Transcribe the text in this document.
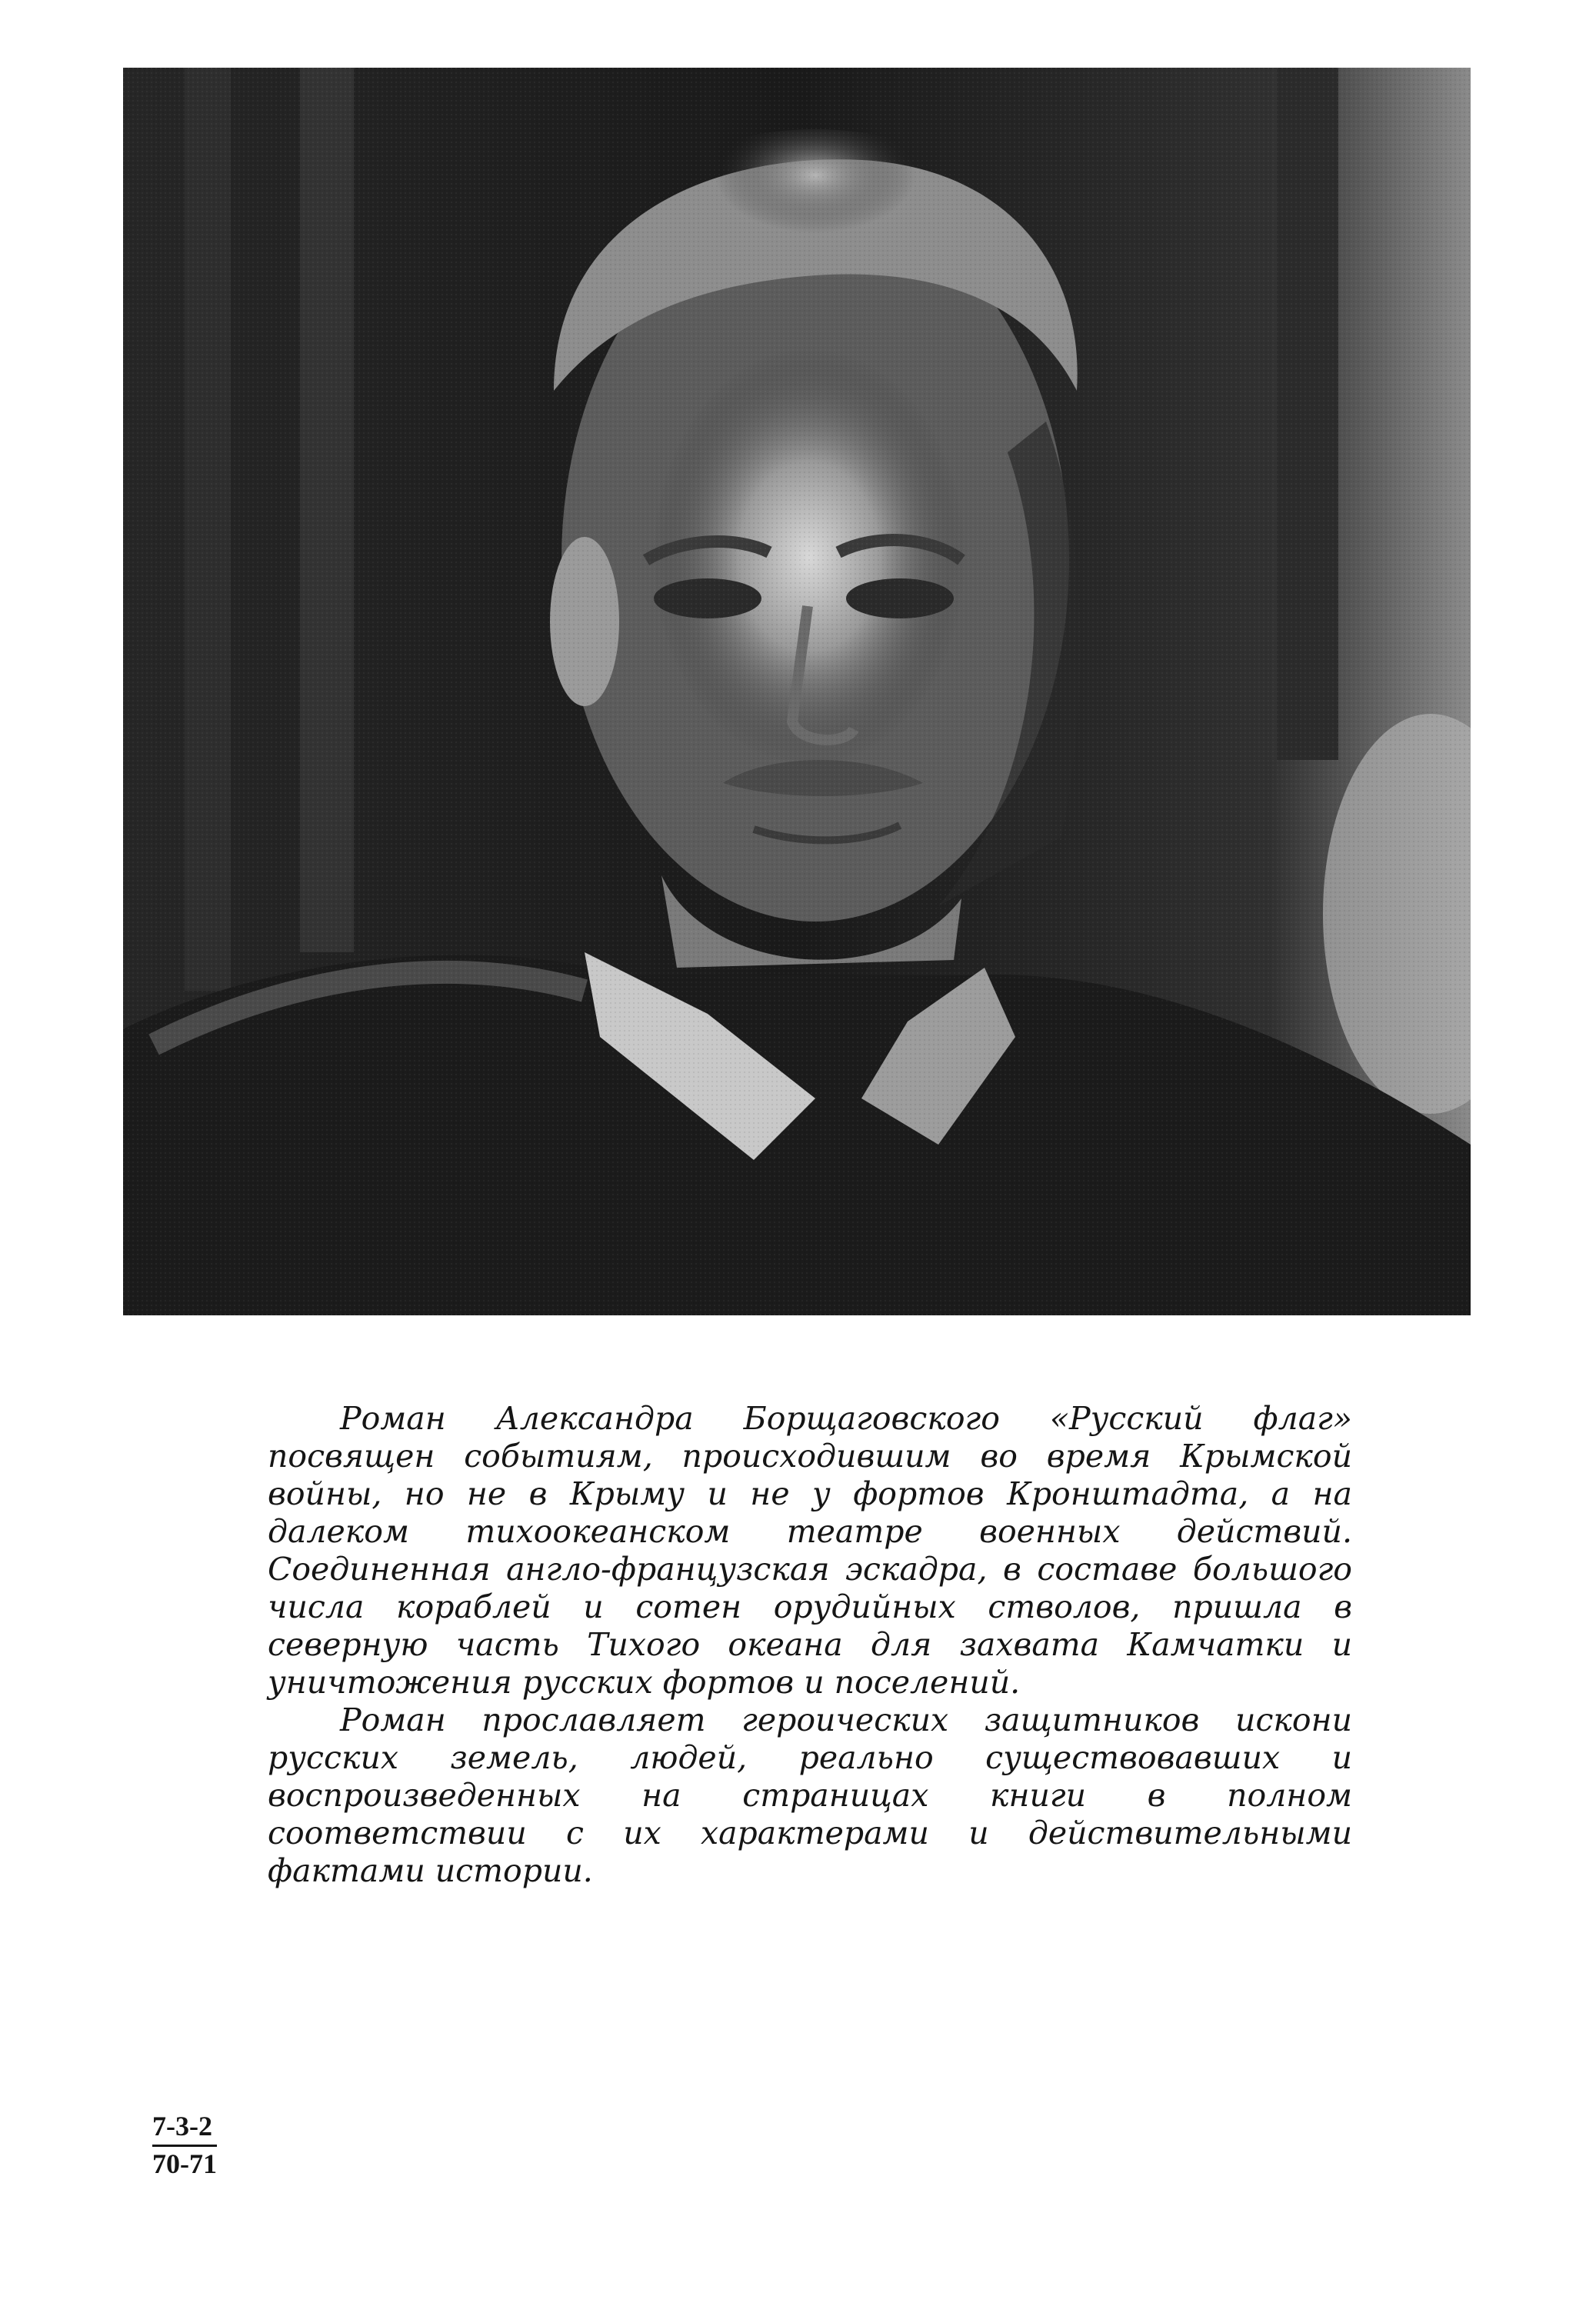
Роман Александра Борщаговского «Русский флаг» посвящен событиям, происходившим во время Крымской войны, но не в Крыму и не у фортов Кронштадта, а на далеком тихоокеанском театре военных действий. Соединенная англо-французская эскадра, в составе большого числа кораблей и сотен орудийных стволов, пришла в северную часть Тихого океана для захвата Камчатки и уничтожения русских фортов и поселений.

Роман прославляет героических защитников искони русских земель, людей, реально существовавших и воспроизведенных на страницах книги в полном соответствии с их характерами и действительными фактами истории.

7-3-2
70-71
